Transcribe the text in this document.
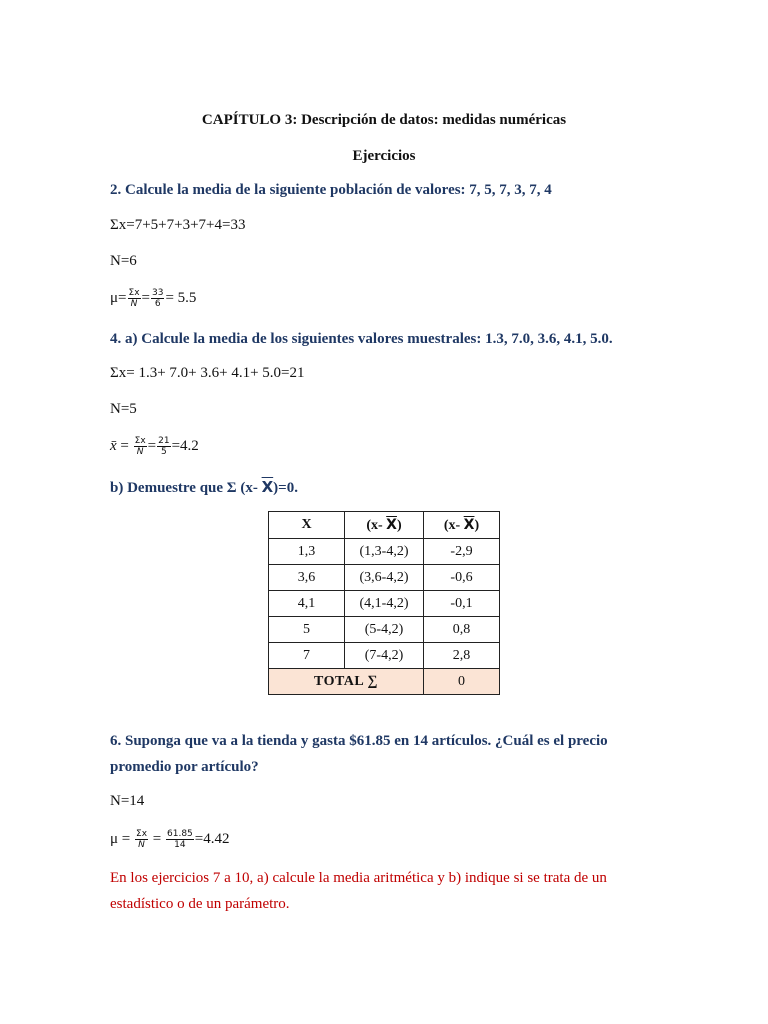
CAPÍTULO 3: Descripción de datos: medidas numéricas
Ejercicios
2. Calcule la media de la siguiente población de valores: 7, 5, 7, 3, 7, 4
Σx=7+5+7+3+7+4=33
N=6
$\mu= \frac{\Sigma x}{N} = \frac{33}{6} = 5.5$
4. a) Calcule la media de los siguientes valores muestrales: 1.3, 7.0, 3.6, 4.1, 5.0.
Σx= 1.3+ 7.0+ 3.6+ 4.1+ 5.0=21
N=5
x̄ = $\frac{\Sigma x}{N} = \frac{21}{5} =4.2$
b) Demuestre que Σ (x- $\overline{X})=0$.
X	(x- $\overline{X}$)	(x- $\overline{X}$)
1,3	(1,3-4,2)	-2,9
3,6	(3,6-4,2)	-0,6
4,1	(4,1-4,2)	-0,1
5	(5-4,2)	0,8
7	(7-4,2)	2,8
TOTAL ∑		0
6. Suponga que va a la tienda y gasta $61.85 en 14 artículos. ¿Cuál es el precio
promedio por artículo?
N=14
$\mu = \frac{\Sigma x}{N} = \frac{61.85}{14} =4.42$
En los ejercicios 7 a 10, a) calcule la media aritmética y b) indique si se trata de un
estadístico o de un parámetro.
